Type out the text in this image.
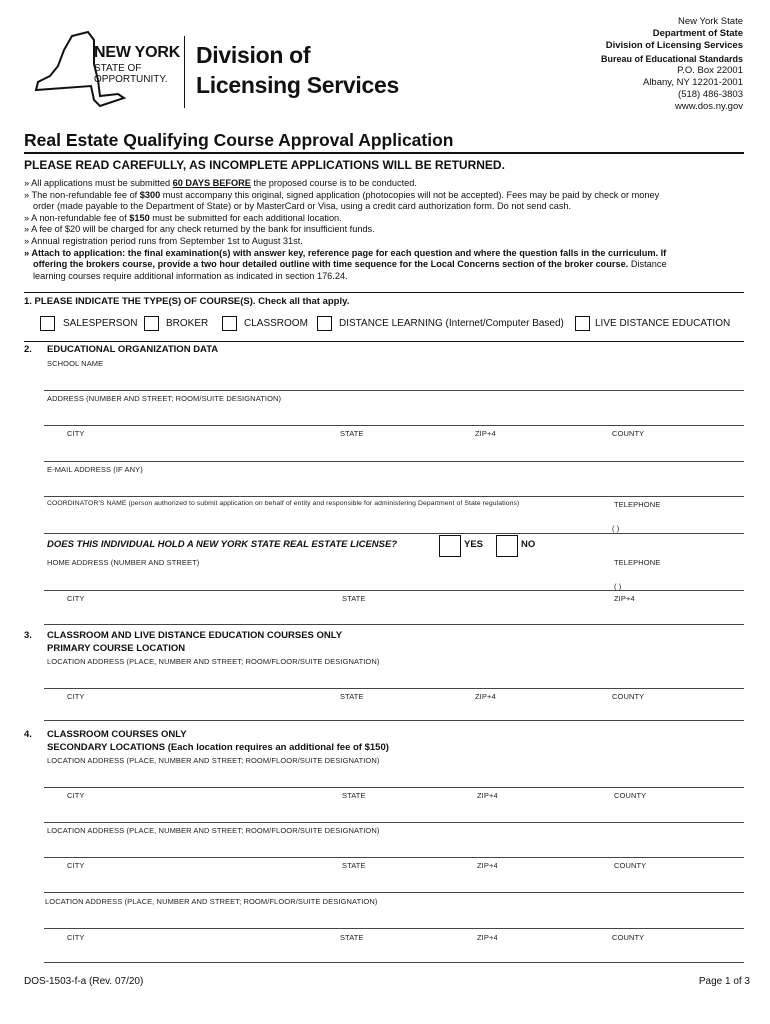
NEW YORK
STATE OF
OPPORTUNITY.
Division of
Licensing Services
New York State
Department of State
Division of Licensing Services
Bureau of Educational Standards
P.O. Box 22001
Albany, NY 12201-2001
(518) 486-3803
www.dos.ny.gov
Real Estate Qualifying Course Approval Application
PLEASE READ CAREFULLY, AS INCOMPLETE APPLICATIONS WILL BE RETURNED.
» All applications must be submitted 60 DAYS BEFORE the proposed course is to be conducted.
» The non-refundable fee of $300 must accompany this original, signed application (photocopies will not be accepted). Fees may be paid by check or money
order (made payable to the Department of State) or by MasterCard or Visa, using a credit card authorization form. Do not send cash.
» A non-refundable fee of $150 must be submitted for each additional location.
» A fee of $20 will be charged for any check returned by the bank for insufficient funds.
» Annual registration period runs from September 1st to August 31st.
» Attach to application: the final examination(s) with answer key, reference page for each question and where the question falls in the curriculum. If
offering the brokers course, provide a two hour detailed outline with time sequence for the Local Concerns section of the broker course. Distance
learning courses require additional information as indicated in section 176.24.
1. PLEASE INDICATE THE TYPE(S) OF COURSE(S). Check all that apply.
SALESPERSON	BROKER	CLASSROOM	DISTANCE LEARNING (Internet/Computer Based)	LIVE DISTANCE EDUCATION
2. EDUCATIONAL ORGANIZATION DATA
SCHOOL NAME
ADDRESS (NUMBER AND STREET; ROOM/SUITE DESIGNATION)
CITY	STATE	ZIP+4	COUNTY
E-MAIL ADDRESS (IF ANY)
COORDINATOR'S NAME (person authorized to submit application on behalf of entity and responsible for administering Department of State regulations)	TELEPHONE
( )
DOES THIS INDIVIDUAL HOLD A NEW YORK STATE REAL ESTATE LICENSE?	YES	NO
HOME ADDRESS (NUMBER AND STREET)	TELEPHONE
( )
CITY	STATE	ZIP+4
3. CLASSROOM AND LIVE DISTANCE EDUCATION COURSES ONLY
PRIMARY COURSE LOCATION
LOCATION ADDRESS (PLACE, NUMBER AND STREET; ROOM/FLOOR/SUITE DESIGNATION)
CITY	STATE	ZIP+4	COUNTY
4. CLASSROOM COURSES ONLY
SECONDARY LOCATIONS (Each location requires an additional fee of $150)
LOCATION ADDRESS (PLACE, NUMBER AND STREET; ROOM/FLOOR/SUITE DESIGNATION)
CITY	STATE	ZIP+4	COUNTY
LOCATION ADDRESS (PLACE, NUMBER AND STREET; ROOM/FLOOR/SUITE DESIGNATION)
CITY	STATE	ZIP+4	COUNTY
LOCATION ADDRESS (PLACE, NUMBER AND STREET; ROOM/FLOOR/SUITE DESIGNATION)
CITY	STATE	ZIP+4	COUNTY
DOS-1503-f-a (Rev. 07/20)	Page 1 of 3
